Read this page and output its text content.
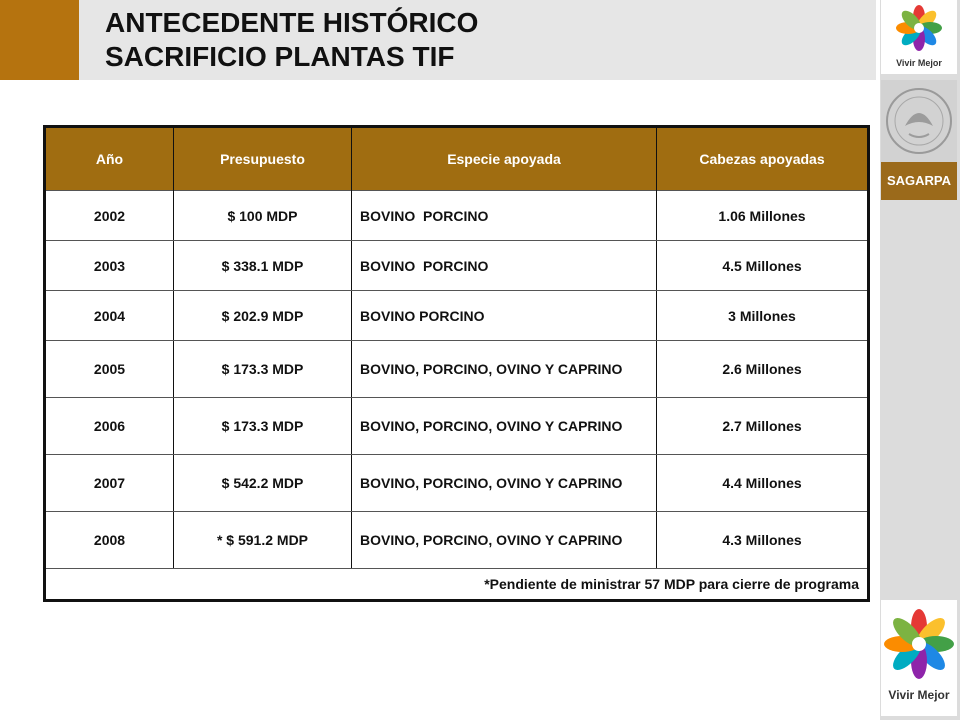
ANTECEDENTE HISTÓRICO
SACRIFICIO PLANTAS TIF	Vivir Mejor
SAGARPA
Vivir Mejor
Año	Presupuesto	Especie apoyada	Cabezas apoyadas
2002	$ 100 MDP	BOVINO  PORCINO	1.06 Millones
2003	$ 338.1 MDP	BOVINO  PORCINO	4.5 Millones
2004	$ 202.9 MDP	BOVINO PORCINO	3 Millones
2005	$ 173.3 MDP	BOVINO, PORCINO, OVINO Y CAPRINO	2.6 Millones
2006	$ 173.3 MDP	BOVINO, PORCINO, OVINO Y CAPRINO	2.7 Millones
2007	$ 542.2 MDP	BOVINO, PORCINO, OVINO Y CAPRINO	4.4 Millones
2008	* $ 591.2 MDP	BOVINO, PORCINO, OVINO Y CAPRINO	4.3 Millones
*Pendiente de ministrar 57 MDP para cierre de programa			
